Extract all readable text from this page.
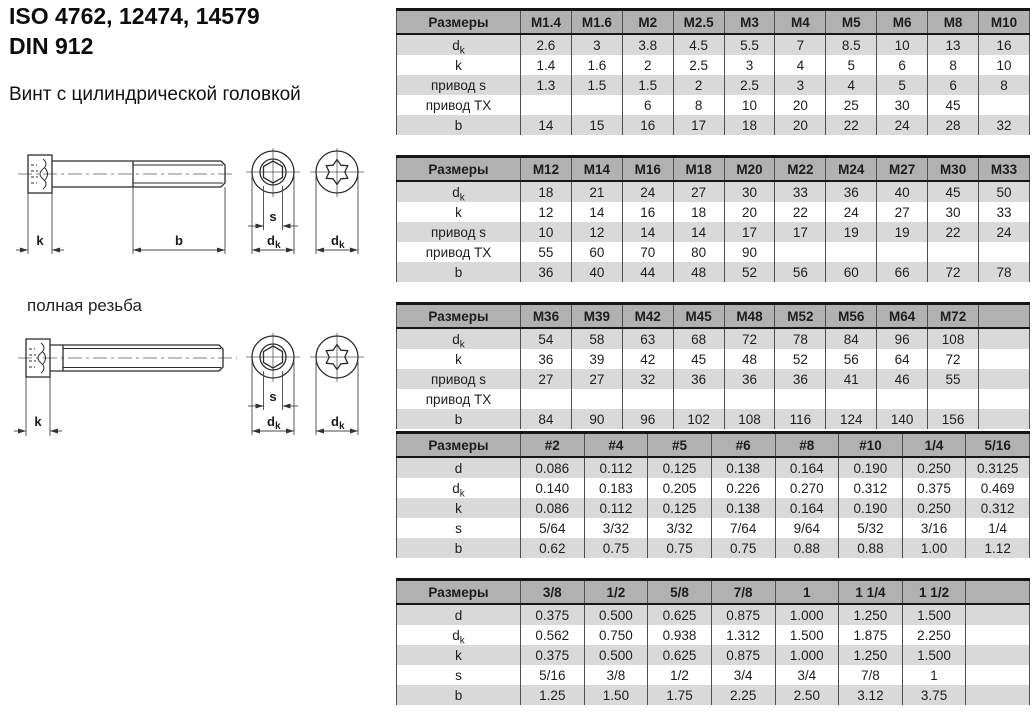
ISO 4762, 12474, 14579
DIN 912
Винт с цилиндрической головкой
k	b
s
d k	d k
полная резьба
k
s
d k	d k
Размеры	M1.4	M1.6	M2	M2.5	M3	M4	M5	M6	M8	M10
$d_k$	2.6	3	3.8	4.5	5.5	7	8.5	10	13	16
k	1.4	1.6	2	2.5	3	4	5	6	8	10
привод s	1.3	1.5	1.5	2	2.5	3	4	5	6	8
привод TX			6	8	10	20	25	30	45	
b	14	15	16	17	18	20	22	24	28	32
Размеры	M12	M14	M16	M18	M20	M22	M24	M27	M30	M33
$d_k$	18	21	24	27	30	33	36	40	45	50
k	12	14	16	18	20	22	24	27	30	33
привод s	10	12	14	14	17	17	19	19	22	24
привод TX	55	60	70	80	90					
b	36	40	44	48	52	56	60	66	72	78
Размеры	M36	M39	M42	M45	M48	M52	M56	M64	M72	
$d_k$	54	58	63	68	72	78	84	96	108	
k	36	39	42	45	48	52	56	64	72	
привод s	27	27	32	36	36	36	41	46	55	
привод TX										
b	84	90	96	102	108	116	124	140	156	
Размеры	#2	#4	#5	#6	#8	#10	1/4	5/16
d	0.086	0.112	0.125	0.138	0.164	0.190	0.250	0.3125
$d_k$	0.140	0.183	0.205	0.226	0.270	0.312	0.375	0.469
k	0.086	0.112	0.125	0.138	0.164	0.190	0.250	0.312
s	5/64	3/32	3/32	7/64	9/64	5/32	3/16	1/4
b	0.62	0.75	0.75	0.75	0.88	0.88	1.00	1.12
Размеры	3/8	1/2	5/8	7/8	1	1 1/4	1 1/2	
d	0.375	0.500	0.625	0.875	1.000	1.250	1.500	
$d_k$	0.562	0.750	0.938	1.312	1.500	1.875	2.250	
k	0.375	0.500	0.625	0.875	1.000	1.250	1.500	
s	5/16	3/8	1/2	3/4	3/4	7/8	1	
b	1.25	1.50	1.75	2.25	2.50	3.12	3.75	
